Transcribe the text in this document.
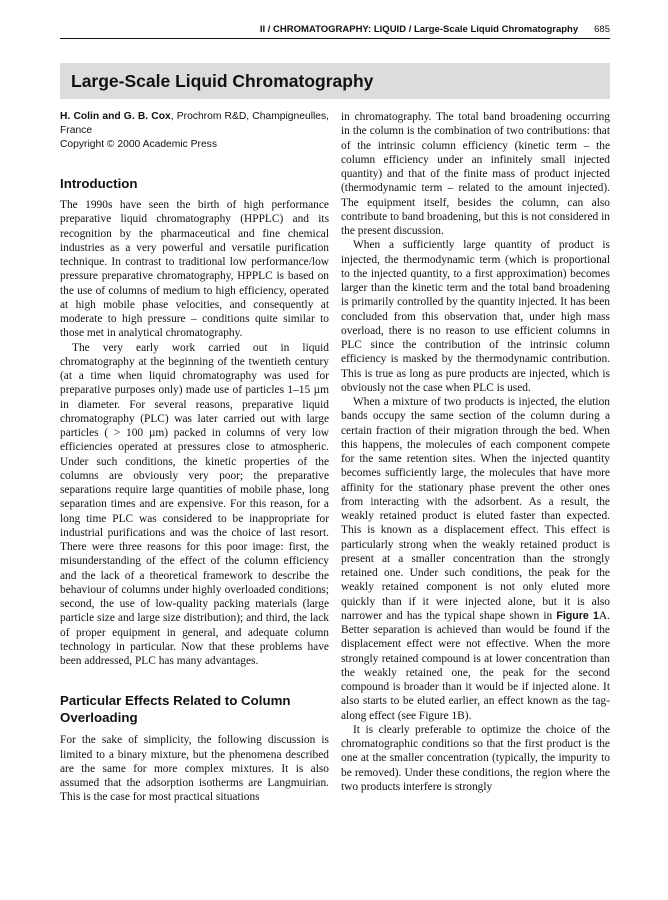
II / CHROMATOGRAPHY: LIQUID / Large-Scale Liquid Chromatography	685
Large-Scale Liquid Chromatography

H. Colin and G. B. Cox, Prochrom R&D, Champigneulles, France

Copyright © 2000 Academic Press

Introduction

The 1990s have seen the birth of high performance preparative liquid chromatography (HPPLC) and its recognition by the pharmaceutical and fine chemical industries as a very powerful and versatile purification technique. In contrast to traditional low performance/low pressure preparative chromatography, HPPLC is based on the use of columns of medium to high efficiency, operated at high mobile phase velocities, and consequently at moderate to high pressure – conditions quite similar to those met in analytical chromatography.

The very early work carried out in liquid chromatography at the beginning of the twentieth century (at a time when liquid chromatography was used for preparative purposes only) made use of particles 1–15 µm in diameter. For several reasons, preparative liquid chromatography (PLC) was later carried out with large particles ( > 100 µm) packed in columns of very low efficiencies operated at pressures close to atmospheric. Under such conditions, the kinetic properties of the columns are obviously very poor; the preparative separations require large quantities of mobile phase, long separation times and are expensive. For this reason, for a long time PLC was considered to be inappropriate for industrial purifications and was the choice of last resort. There were three reasons for this poor image: first, the misunderstanding of the effect of the column efficiency and the lack of a theoretical framework to describe the behaviour of columns under highly overloaded conditions; second, the use of low-quality packing materials (large particle size and large size distribution); and third, the lack of proper equipment in general, and adequate column technology in particular. Now that these problems have been addressed, PLC has many advantages.

Particular Effects Related to Column Overloading

For the sake of simplicity, the following discussion is limited to a binary mixture, but the phenomena described are the same for more complex mixtures. It is also assumed that the adsorption isotherms are Langmuirian. This is the case for most practical situations

in chromatography. The total band broadening occurring in the column is the combination of two contributions: that of the intrinsic column efficiency (kinetic term – the column efficiency under an infinitely small injected quantity) and that of the finite mass of product injected (thermodynamic term – related to the amount injected). The equipment itself, besides the column, can also contribute to band broadening, but this is not considered in the present discussion.

When a sufficiently large quantity of product is injected, the thermodynamic term (which is proportional to the injected quantity, to a first approximation) becomes larger than the kinetic term and the total band broadening is primarily controlled by the quantity injected. It has been concluded from this observation that, under high mass overload, there is no reason to use efficient columns in PLC since the contribution of the intrinsic column efficiency is masked by the thermodynamic contribution. This is true as long as pure products are injected, which is obviously not the case when PLC is used.

When a mixture of two products is injected, the elution bands occupy the same section of the column during a certain fraction of their migration through the bed. When this happens, the molecules of each component compete for the same retention sites. When the injected quantity becomes sufficiently large, the molecules that have more affinity for the stationary phase prevent the other ones from interacting with the adsorbent. As a result, the weakly retained product is eluted faster than expected. This is known as a displacement effect. This effect is particularly strong when the weakly retained product is present at a smaller concentration than the strongly retained one. Under such conditions, the peak for the weakly retained component is not only eluted more quickly than if it were injected alone, but it is also narrower and has the typical shape shown in Figure 1A. Better separation is achieved than would be found if the displacement effect were not effective. When the more strongly retained compound is at lower concentration than the weakly retained one, the peak for the second compound is broader than it would be if injected alone. It also starts to be eluted earlier, an effect known as the tag-along effect (see Figure 1B).

It is clearly preferable to optimize the choice of the chromatographic conditions so that the first product is the one at the smaller concentration (typically, the impurity to be removed). Under these conditions, the region where the two products interfere is strongly
